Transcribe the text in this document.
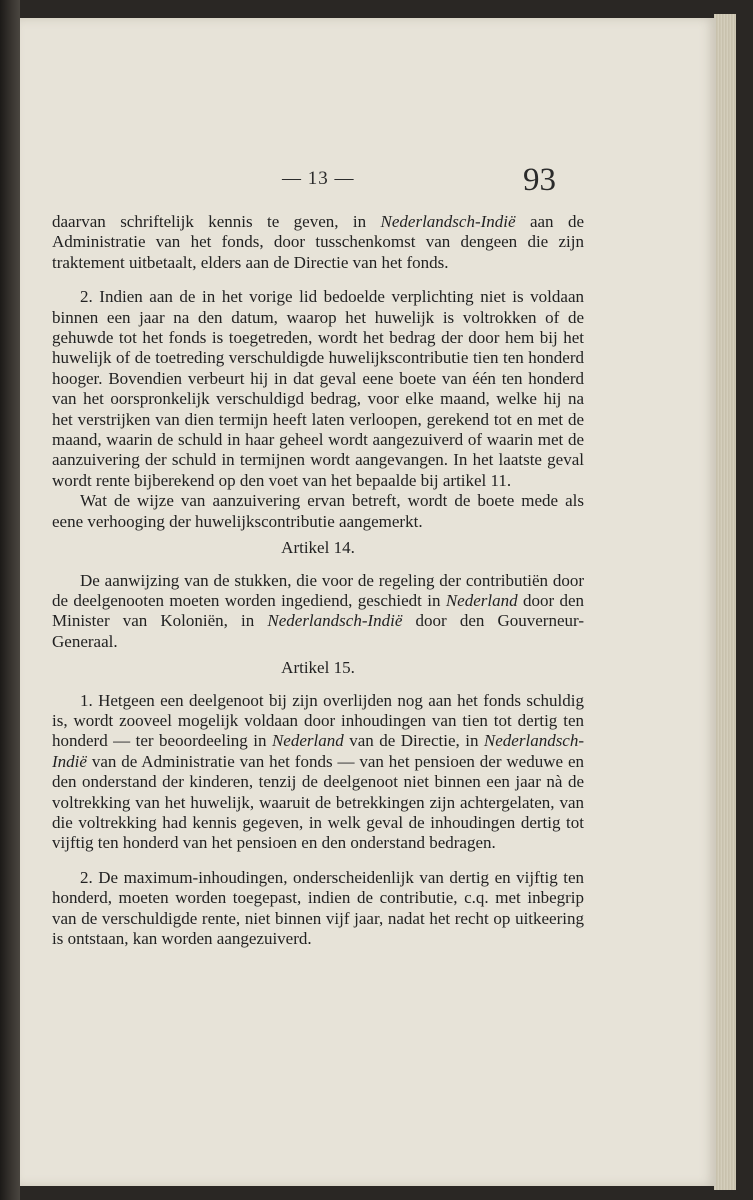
— 13 —	93

daarvan schriftelijk kennis te geven, in Nederlandsch-Indië aan de Administratie van het fonds, door tusschenkomst van dengeen die zijn traktement uitbetaalt, elders aan de Directie van het fonds.

2. Indien aan de in het vorige lid bedoelde verplichting niet is voldaan binnen een jaar na den datum, waarop het huwelijk is voltrokken of de gehuwde tot het fonds is toegetreden, wordt het bedrag der door hem bij het huwelijk of de toetreding verschuldigde huwelijkscontributie tien ten honderd hooger. Bovendien verbeurt hij in dat geval eene boete van één ten honderd van het oorspronkelijk verschuldigd bedrag, voor elke maand, welke hij na het verstrijken van dien termijn heeft laten verloopen, gerekend tot en met de maand, waarin de schuld in haar geheel wordt aangezuiverd of waarin met de aanzuivering der schuld in termijnen wordt aangevangen. In het laatste geval wordt rente bijberekend op den voet van het bepaalde bij artikel 11.

Wat de wijze van aanzuivering ervan betreft, wordt de boete mede als eene verhooging der huwelijkscontributie aangemerkt.

Artikel 14.

De aanwijzing van de stukken, die voor de regeling der contributiën door de deelgenooten moeten worden ingediend, geschiedt in Nederland door den Minister van Koloniën, in Nederlandsch-Indië door den Gouverneur-Generaal.

Artikel 15.

1. Hetgeen een deelgenoot bij zijn overlijden nog aan het fonds schuldig is, wordt zooveel mogelijk voldaan door inhoudingen van tien tot dertig ten honderd — ter beoordeeling in Nederland van de Directie, in Nederlandsch-Indië van de Administratie van het fonds — van het pensioen der weduwe en den onderstand der kinderen, tenzij de deelgenoot niet binnen een jaar nà de voltrekking van het huwelijk, waaruit de betrekkingen zijn achtergelaten, van die voltrekking had kennis gegeven, in welk geval de inhoudingen dertig tot vijftig ten honderd van het pensioen en den onderstand bedragen.

2. De maximum-inhoudingen, onderscheidenlijk van dertig en vijftig ten honderd, moeten worden toegepast, indien de contributie, c.q. met inbegrip van de verschuldigde rente, niet binnen vijf jaar, nadat het recht op uitkeering is ontstaan, kan worden aangezuiverd.
